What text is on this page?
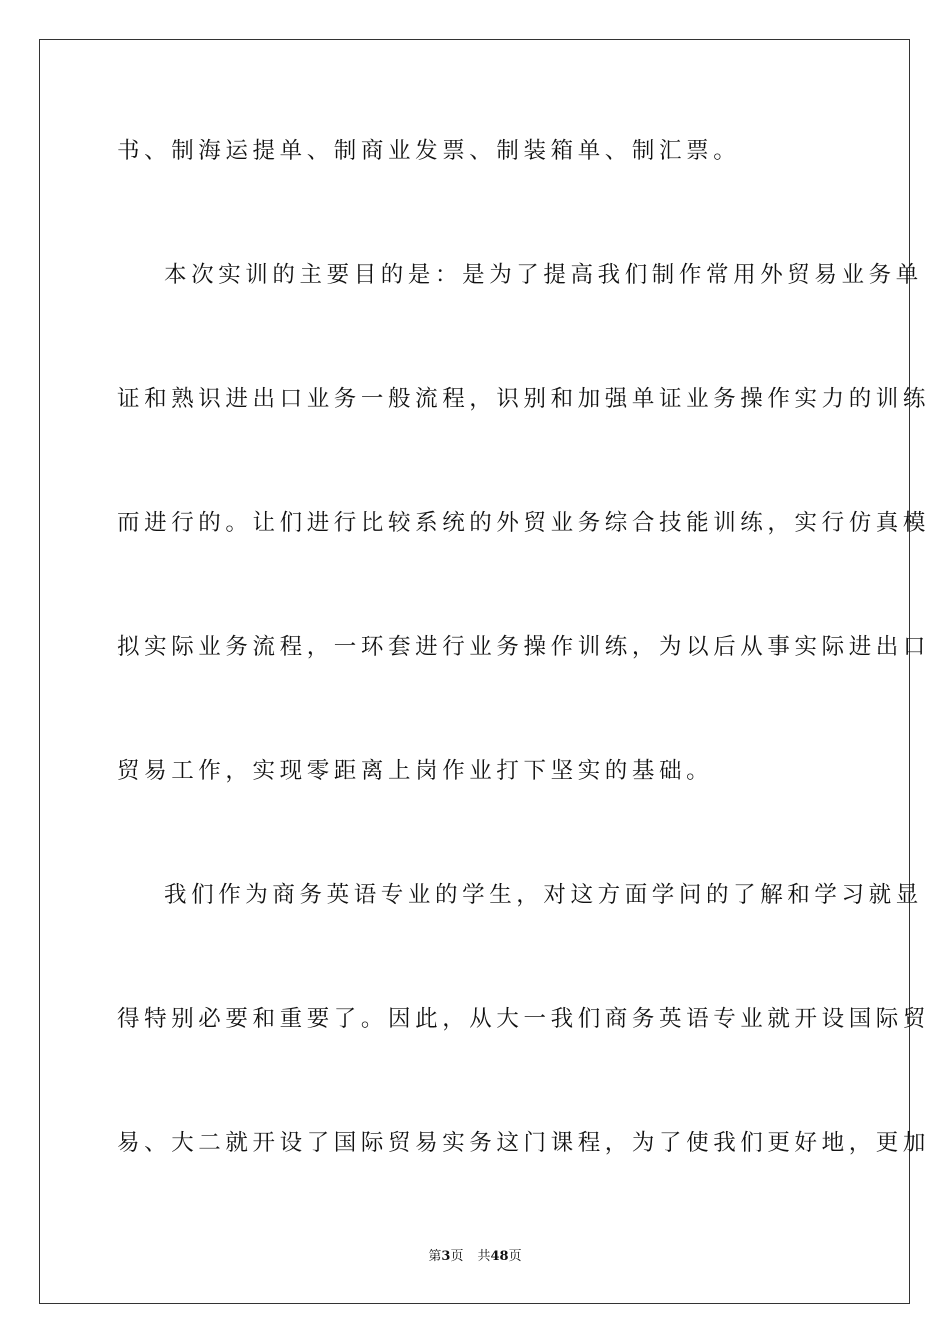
书、制海运提单、制商业发票、制装箱单、制汇票。
本次实训的主要目的是：是为了提高我们制作常用外贸易业务单
证和熟识进出口业务一般流程，识别和加强单证业务操作实力的训练
而进行的。让们进行比较系统的外贸业务综合技能训练，实行仿真模
拟实际业务流程，一环套进行业务操作训练，为以后从事实际进出口
贸易工作，实现零距离上岗作业打下坚实的基础。
我们作为商务英语专业的学生，对这方面学问的了解和学习就显
得特别必要和重要了。因此，从大一我们商务英语专业就开设国际贸
易、大二就开设了国际贸易实务这门课程，为了使我们更好地，更加
第3页 共48页
